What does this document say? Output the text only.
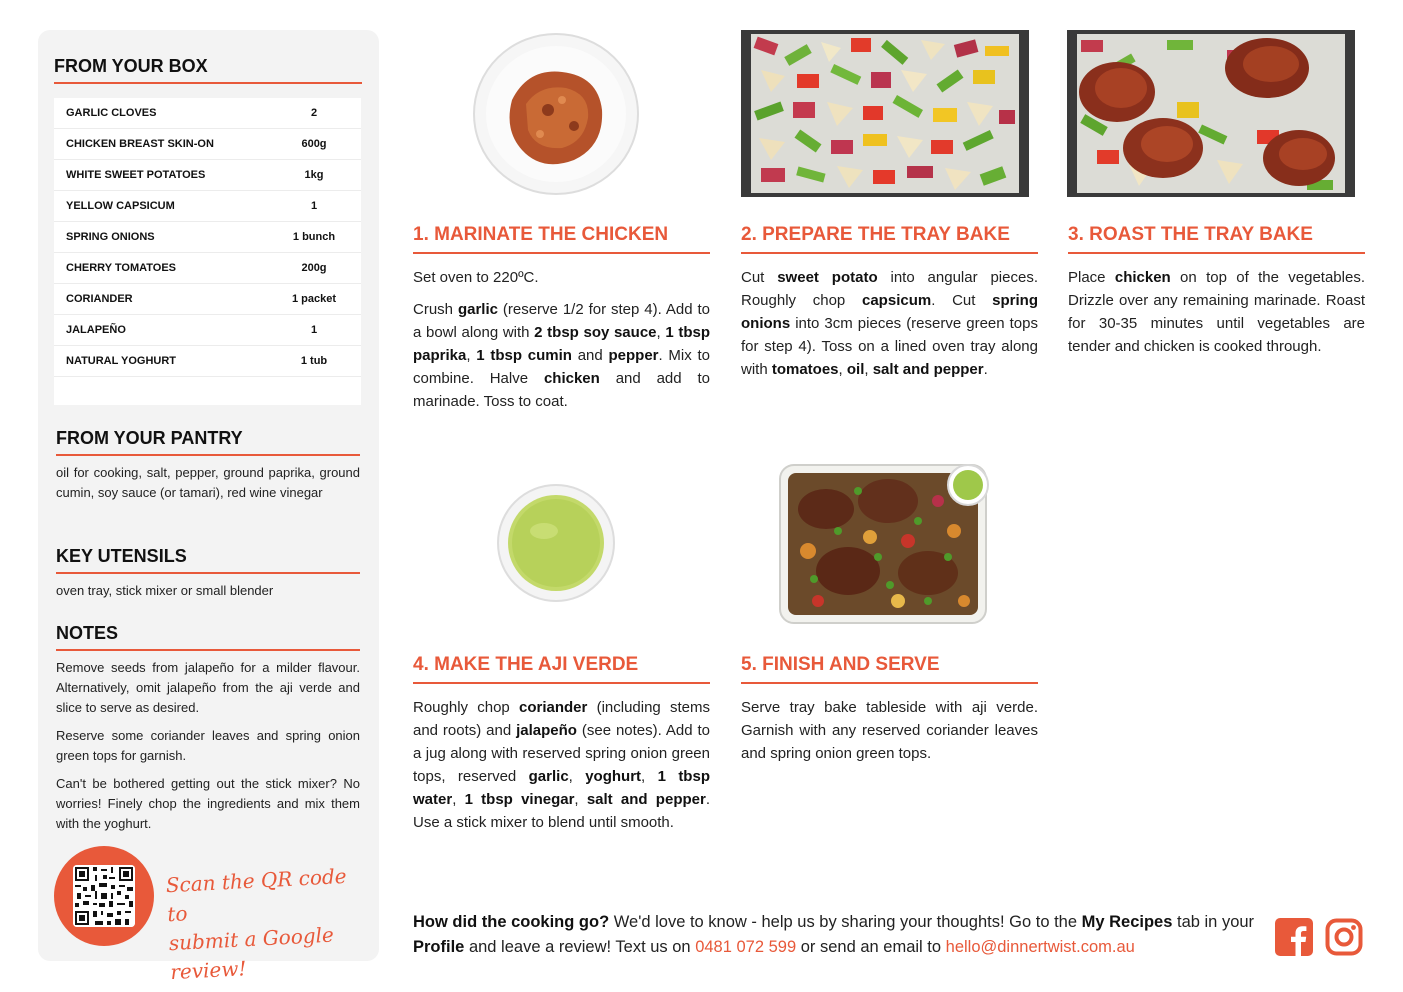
FROM YOUR BOX
GARLIC CLOVES	2
CHICKEN BREAST SKIN-ON	600g
WHITE SWEET POTATOES	1kg
YELLOW CAPSICUM	1
SPRING ONIONS	1 bunch
CHERRY TOMATOES	200g
CORIANDER	1 packet
JALAPEÑO	1
NATURAL YOGHURT	1 tub
FROM YOUR PANTRY

oil for cooking, salt, pepper, ground paprika, ground cumin, soy sauce (or tamari), red wine vinegar

KEY UTENSILS

oven tray, stick mixer or small blender

NOTES

Remove seeds from jalapeño for a milder flavour. Alternatively, omit jalapeño from the aji verde and slice to serve as desired.

Reserve some coriander leaves and spring onion green tops for garnish.

Can't be bothered getting out the stick mixer? No worries! Finely chop the ingredients and mix them with the yoghurt.

Scan the QR code to
submit a Google review!
1. MARINATE THE CHICKEN

Set oven to 220ºC.

Crush garlic (reserve 1/2 for step 4). Add to a bowl along with 2 tbsp soy sauce, 1 tbsp paprika, 1 tbsp cumin and pepper. Mix to combine. Halve chicken and add to marinade. Toss to coat.

2. PREPARE THE TRAY BAKE

Cut sweet potato into angular pieces. Roughly chop capsicum. Cut spring onions into 3cm pieces (reserve green tops for step 4). Toss on a lined oven tray along with tomatoes, oil, salt and pepper.

3. ROAST THE TRAY BAKE

Place chicken on top of the vegetables. Drizzle over any remaining marinade. Roast for 30-35 minutes until vegetables are tender and chicken is cooked through.

4. MAKE THE AJI VERDE

Roughly chop coriander (including stems and roots) and jalapeño (see notes). Add to a jug along with reserved spring onion green tops, reserved garlic, yoghurt, 1 tbsp water, 1 tbsp vinegar, salt and pepper. Use a stick mixer to blend until smooth.

5. FINISH AND SERVE

Serve tray bake tableside with aji verde. Garnish with any reserved coriander leaves and spring onion green tops.

How did the cooking go? We'd love to know - help us by sharing your thoughts! Go to the My Recipes tab in your Profile and leave a review! Text us on 0481 072 599 or send an email to hello@dinnertwist.com.au
